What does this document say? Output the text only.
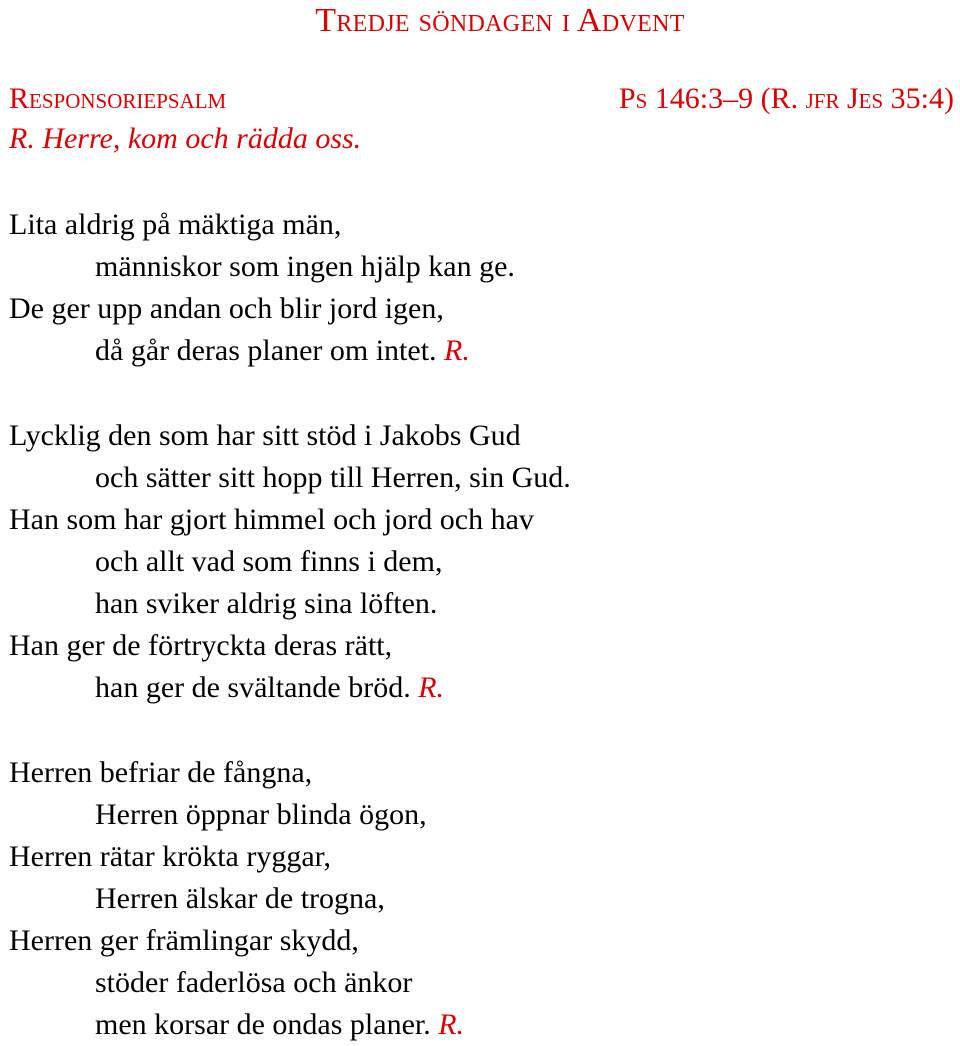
Tredje söndagen i Advent
Responsoriepsalm	Ps 146:3–9 (R. jfr Jes 35:4)
R. Herre, kom och rädda oss.
Lita aldrig på mäktiga män,
människor som ingen hjälp kan ge.
De ger upp andan och blir jord igen,
då går deras planer om intet. R.
Lycklig den som har sitt stöd i Jakobs Gud
och sätter sitt hopp till Herren, sin Gud.
Han som har gjort himmel och jord och hav
och allt vad som finns i dem,
han sviker aldrig sina löften.
Han ger de förtryckta deras rätt,
han ger de svältande bröd. R.
Herren befriar de fångna,
Herren öppnar blinda ögon,
Herren rätar krökta ryggar,
Herren älskar de trogna,
Herren ger främlingar skydd,
stöder faderlösa och änkor
men korsar de ondas planer. R.
